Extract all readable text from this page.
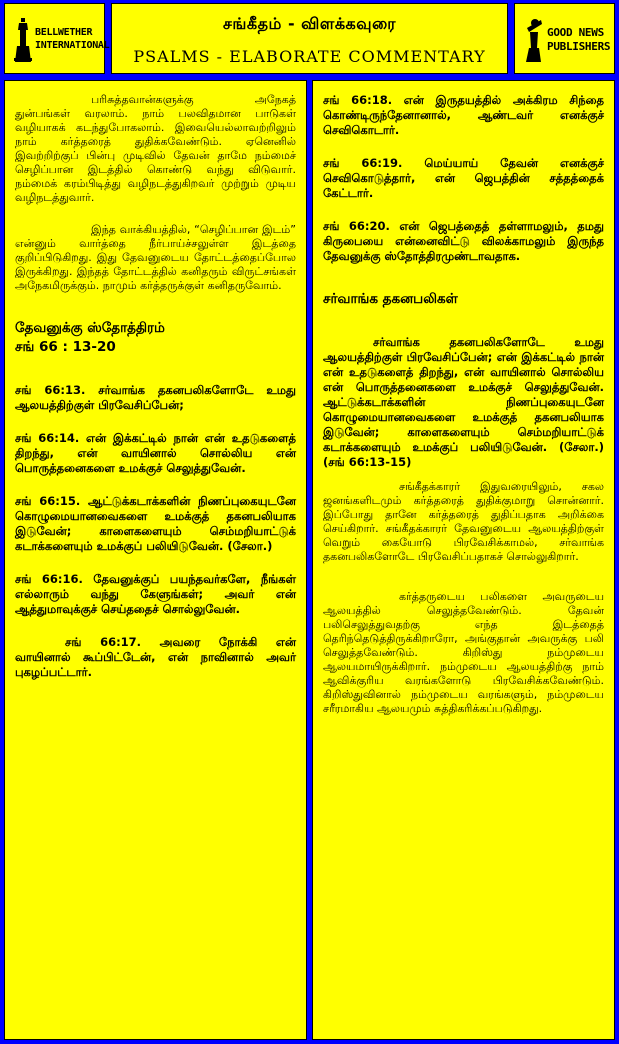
BELLWETHER
INTERNATIONAL
சங்கீதம் - விளக்கவுரை
PSALMS - ELABORATE COMMENTARY
GOOD NEWS
PUBLISHERS

பரிசுத்தவான்களுக்கு அநேகத் துன்பங்கள் வரலாம். நாம் பலவிதமான பாடுகள் வழியாகக் கடந்துபோகலாம். இவையெல்லாவற்றிலும் நாம் கர்த்தரைத் துதிக்கவேண்டும். ஏனெனில் இவற்றிற்குப் பின்பு முடிவில் தேவன் தாமே நம்மைச் செழிப்பான இடத்தில் கொண்டு வந்து விடுவார். நம்மைக் கரம்பிடித்து வழிநடத்துகிறவர் முற்றும் முடிய வழிநடத்துவார்.

இந்த வாக்கியத்தில், “செழிப்பான இடம்” என்னும் வார்த்தை நீர்பாய்ச்சலுள்ள இடத்தை குறிப்பிடுகிறது. இது தேவனுடைய தோட்டத்தைப்போல இருக்கிறது. இந்தத் தோட்டத்தில் கனிதரும் விருட்சங்கள் அநேகமிருக்கும். நாமும் கர்த்தருக்குள் கனிதருவோம்.

தேவனுக்கு ஸ்தோத்திரம்

சங் 66 : 13-20

சங் 66:13. சர்வாங்க தகனபலிகளோடே உமது ஆலயத்திற்குள் பிரவேசிப்பேன்;

சங் 66:14. என் இக்கட்டில் நான் என் உதடுகளைத் திறந்து, என் வாயினால் சொல்லிய என் பொருத்தனைகளை உமக்குச் செலுத்துவேன்.

சங் 66:15. ஆட்டுக்கடாக்களின் நிணப்புகையுடனே கொழுமையானவைகளை உமக்குத் தகனபலியாக இடுவேன்; காளைகளையும் செம்மறியாட்டுக் கடாக்களையும் உமக்குப் பலியிடுவேன். (சேலா.)

சங் 66:16. தேவனுக்குப் பயந்தவர்களே, நீங்கள் எல்லாரும் வந்து கேளுங்கள்; அவர் என் ஆத்துமாவுக்குச் செய்ததைச் சொல்லுவேன்.

சங் 66:17. அவரை நோக்கி என் வாயினால் கூப்பிட்டேன், என் நாவினால் அவர் புகழப்பட்டார்.

சங் 66:18. என் இருதயத்தில் அக்கிரம சிந்தை கொண்டிருந்தேனானால், ஆண்டவர் எனக்குச் செவிகொடார்.

சங் 66:19. மெய்யாய் தேவன் எனக்குச் செவிகொடுத்தார், என் ஜெபத்தின் சத்தத்தைக் கேட்டார்.

சங் 66:20. என் ஜெபத்தைத் தள்ளாமலும், தமது கிருபையை என்னைவிட்டு விலக்காமலும் இருந்த தேவனுக்கு ஸ்தோத்திரமுண்டாவதாக.

சர்வாங்க தகனபலிகள்

சர்வாங்க தகனபலிகளோடே உமது ஆலயத்திற்குள் பிரவேசிப்பேன்; என் இக்கட்டில் நான் என் உதடுகளைத் திறந்து, என் வாயினால் சொல்லிய என் பொருத்தனைகளை உமக்குச் செலுத்துவேன். ஆட்டுக்கடாக்களின் நிணப்புகையுடனே கொழுமையானவைகளை உமக்குத் தகனபலியாக இடுவேன்; காளைகளையும் செம்மறியாட்டுக் கடாக்களையும் உமக்குப் பலியிடுவேன். (சேலா.) (சங் 66:13-15)

சங்கீதக்காரர் இதுவரையிலும், சகல ஜனங்களிடமும் கர்த்தரைத் துதிக்குமாறு சொன்னார். இப்போது தானே கர்த்தரைத் துதிப்பதாக அறிக்கை செய்கிறார். சங்கீதக்காரர் தேவனுடைய ஆலயத்திற்குள் வெறும் கையோடு பிரவேசிக்காமல், சர்வாங்க தகனபலிகளோடே பிரவேசிப்பதாகச் சொல்லுகிறார்.

கர்த்தருடைய பலிகளை அவருடைய ஆலயத்தில் செலுத்தவேண்டும். தேவன் பலிசெலுத்துவதற்கு எந்த இடத்தைத் தெரிந்தெடுத்திருக்கிறாரோ, அங்குதான் அவருக்கு பலி செலுத்தவேண்டும். கிறிஸ்து நம்முடைய ஆலயமாயிருக்கிறார். நம்முடைய ஆலயத்திற்கு நாம் ஆவிக்குரிய வரங்களோடு பிரவேசிக்கவேண்டும். கிறிஸ்துவினால் நம்முடைய வரங்களும், நம்முடைய சரீரமாகிய ஆலயமும் சுத்திகரிக்கப்படுகிறது.
